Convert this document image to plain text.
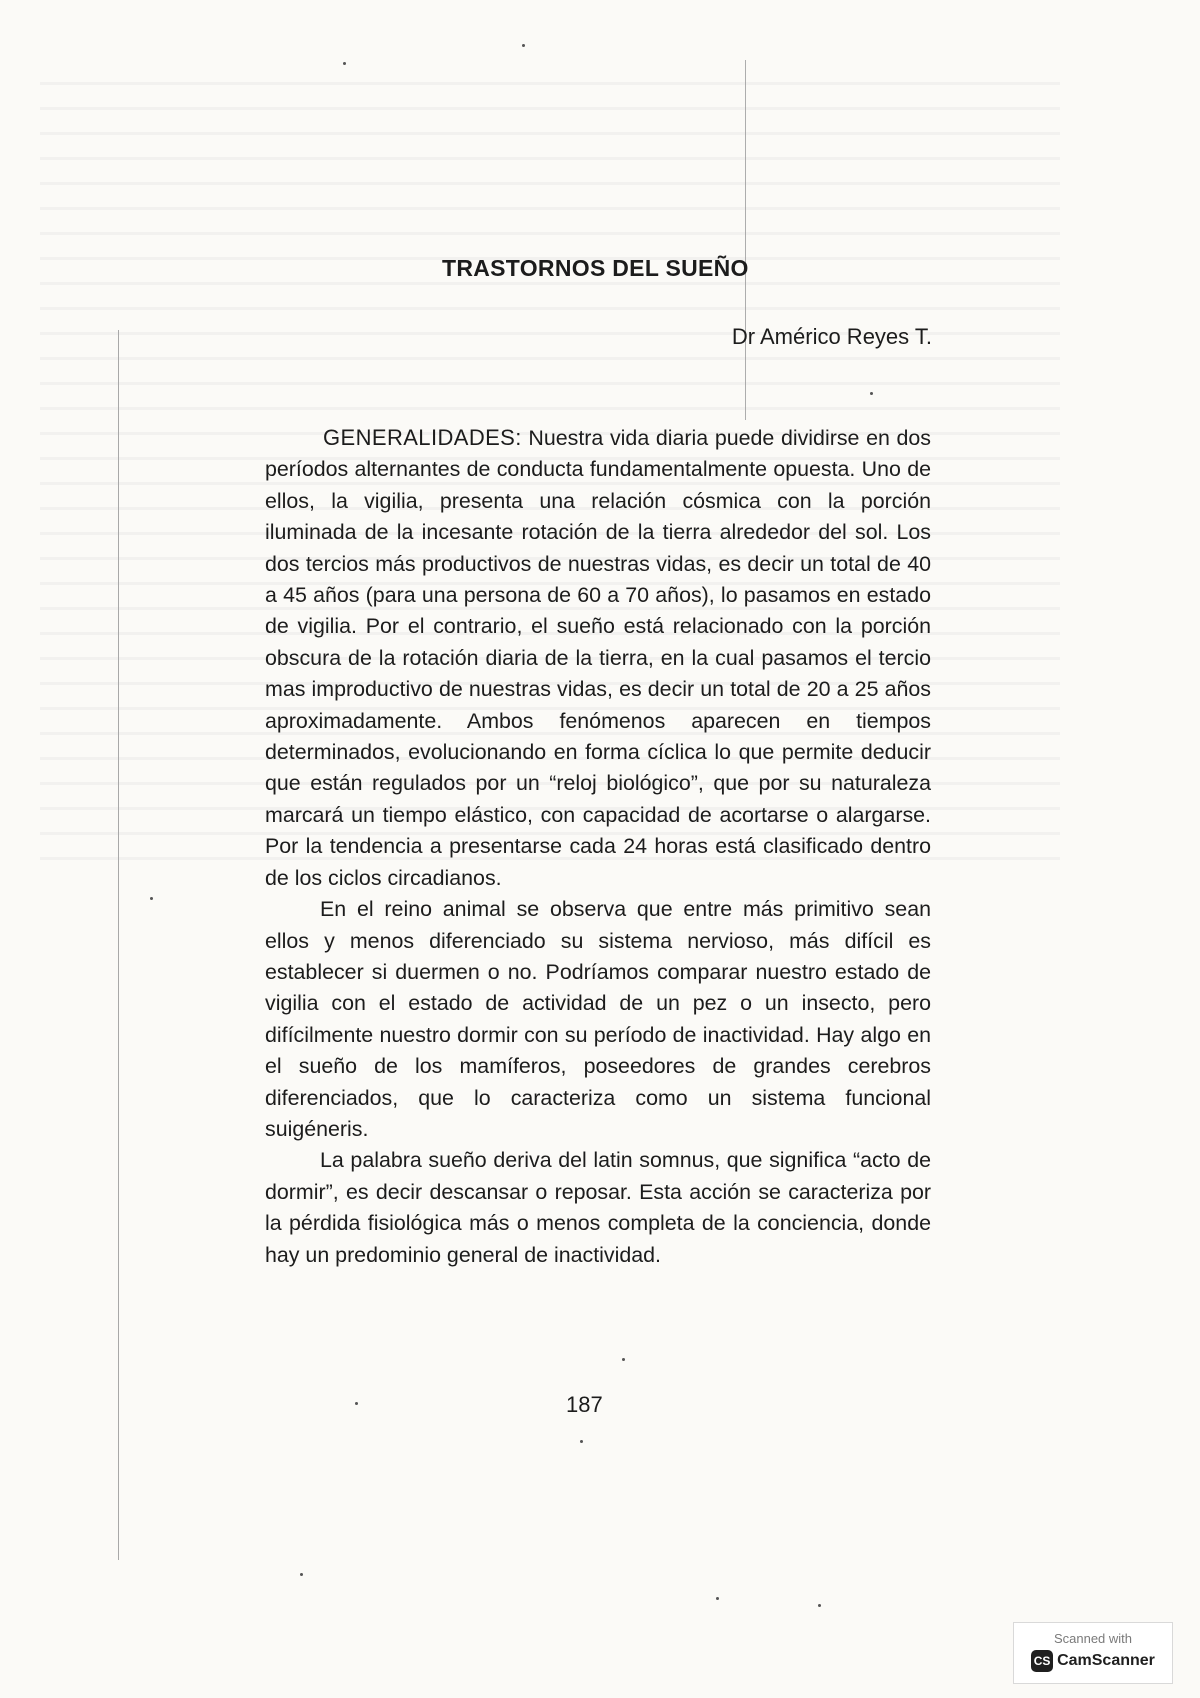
TRASTORNOS DEL SUEÑO
Dr Américo Reyes T.

GENERALIDADES: Nuestra vida diaria puede dividirse en dos períodos alternantes de conducta fundamentalmente opuesta. Uno de ellos, la vigilia, presenta una relación cósmica con la porción iluminada de la incesante rotación de la tierra alrededor del sol. Los dos tercios más productivos de nuestras vidas, es decir un total de 40 a 45 años (para una persona de 60 a 70 años), lo pasamos en estado de vigilia. Por el contrario, el sueño está relacionado con la porción obscura de la rotación diaria de la tierra, en la cual pasamos el tercio mas improductivo de nuestras vidas, es decir un total de 20 a 25 años aproximadamente. Ambos fenómenos aparecen en tiempos determinados, evolucionando en forma cíclica lo que permite deducir que están regulados por un “reloj biológico”, que por su naturaleza marcará un tiempo elástico, con capacidad de acortarse o alargarse. Por la tendencia a presentarse cada 24 horas está clasificado dentro de los ciclos circadianos.

En el reino animal se observa que entre más primitivo sean ellos y menos diferenciado su sistema nervioso, más difícil es establecer si duermen o no. Podríamos comparar nuestro estado de vigilia con el estado de actividad de un pez o un insecto, pero difícilmente nuestro dormir con su período de inactividad. Hay algo en el sueño de los mamíferos, poseedores de grandes cerebros diferenciados, que lo caracteriza como un sistema funcional suigéneris.

La palabra sueño deriva del latin somnus, que significa “acto de dormir”, es decir descansar o reposar. Esta acción se caracteriza por la pérdida fisiológica más o menos completa de la conciencia, donde hay un predominio general de inactividad.

187
Scanned with
CS CamScanner
